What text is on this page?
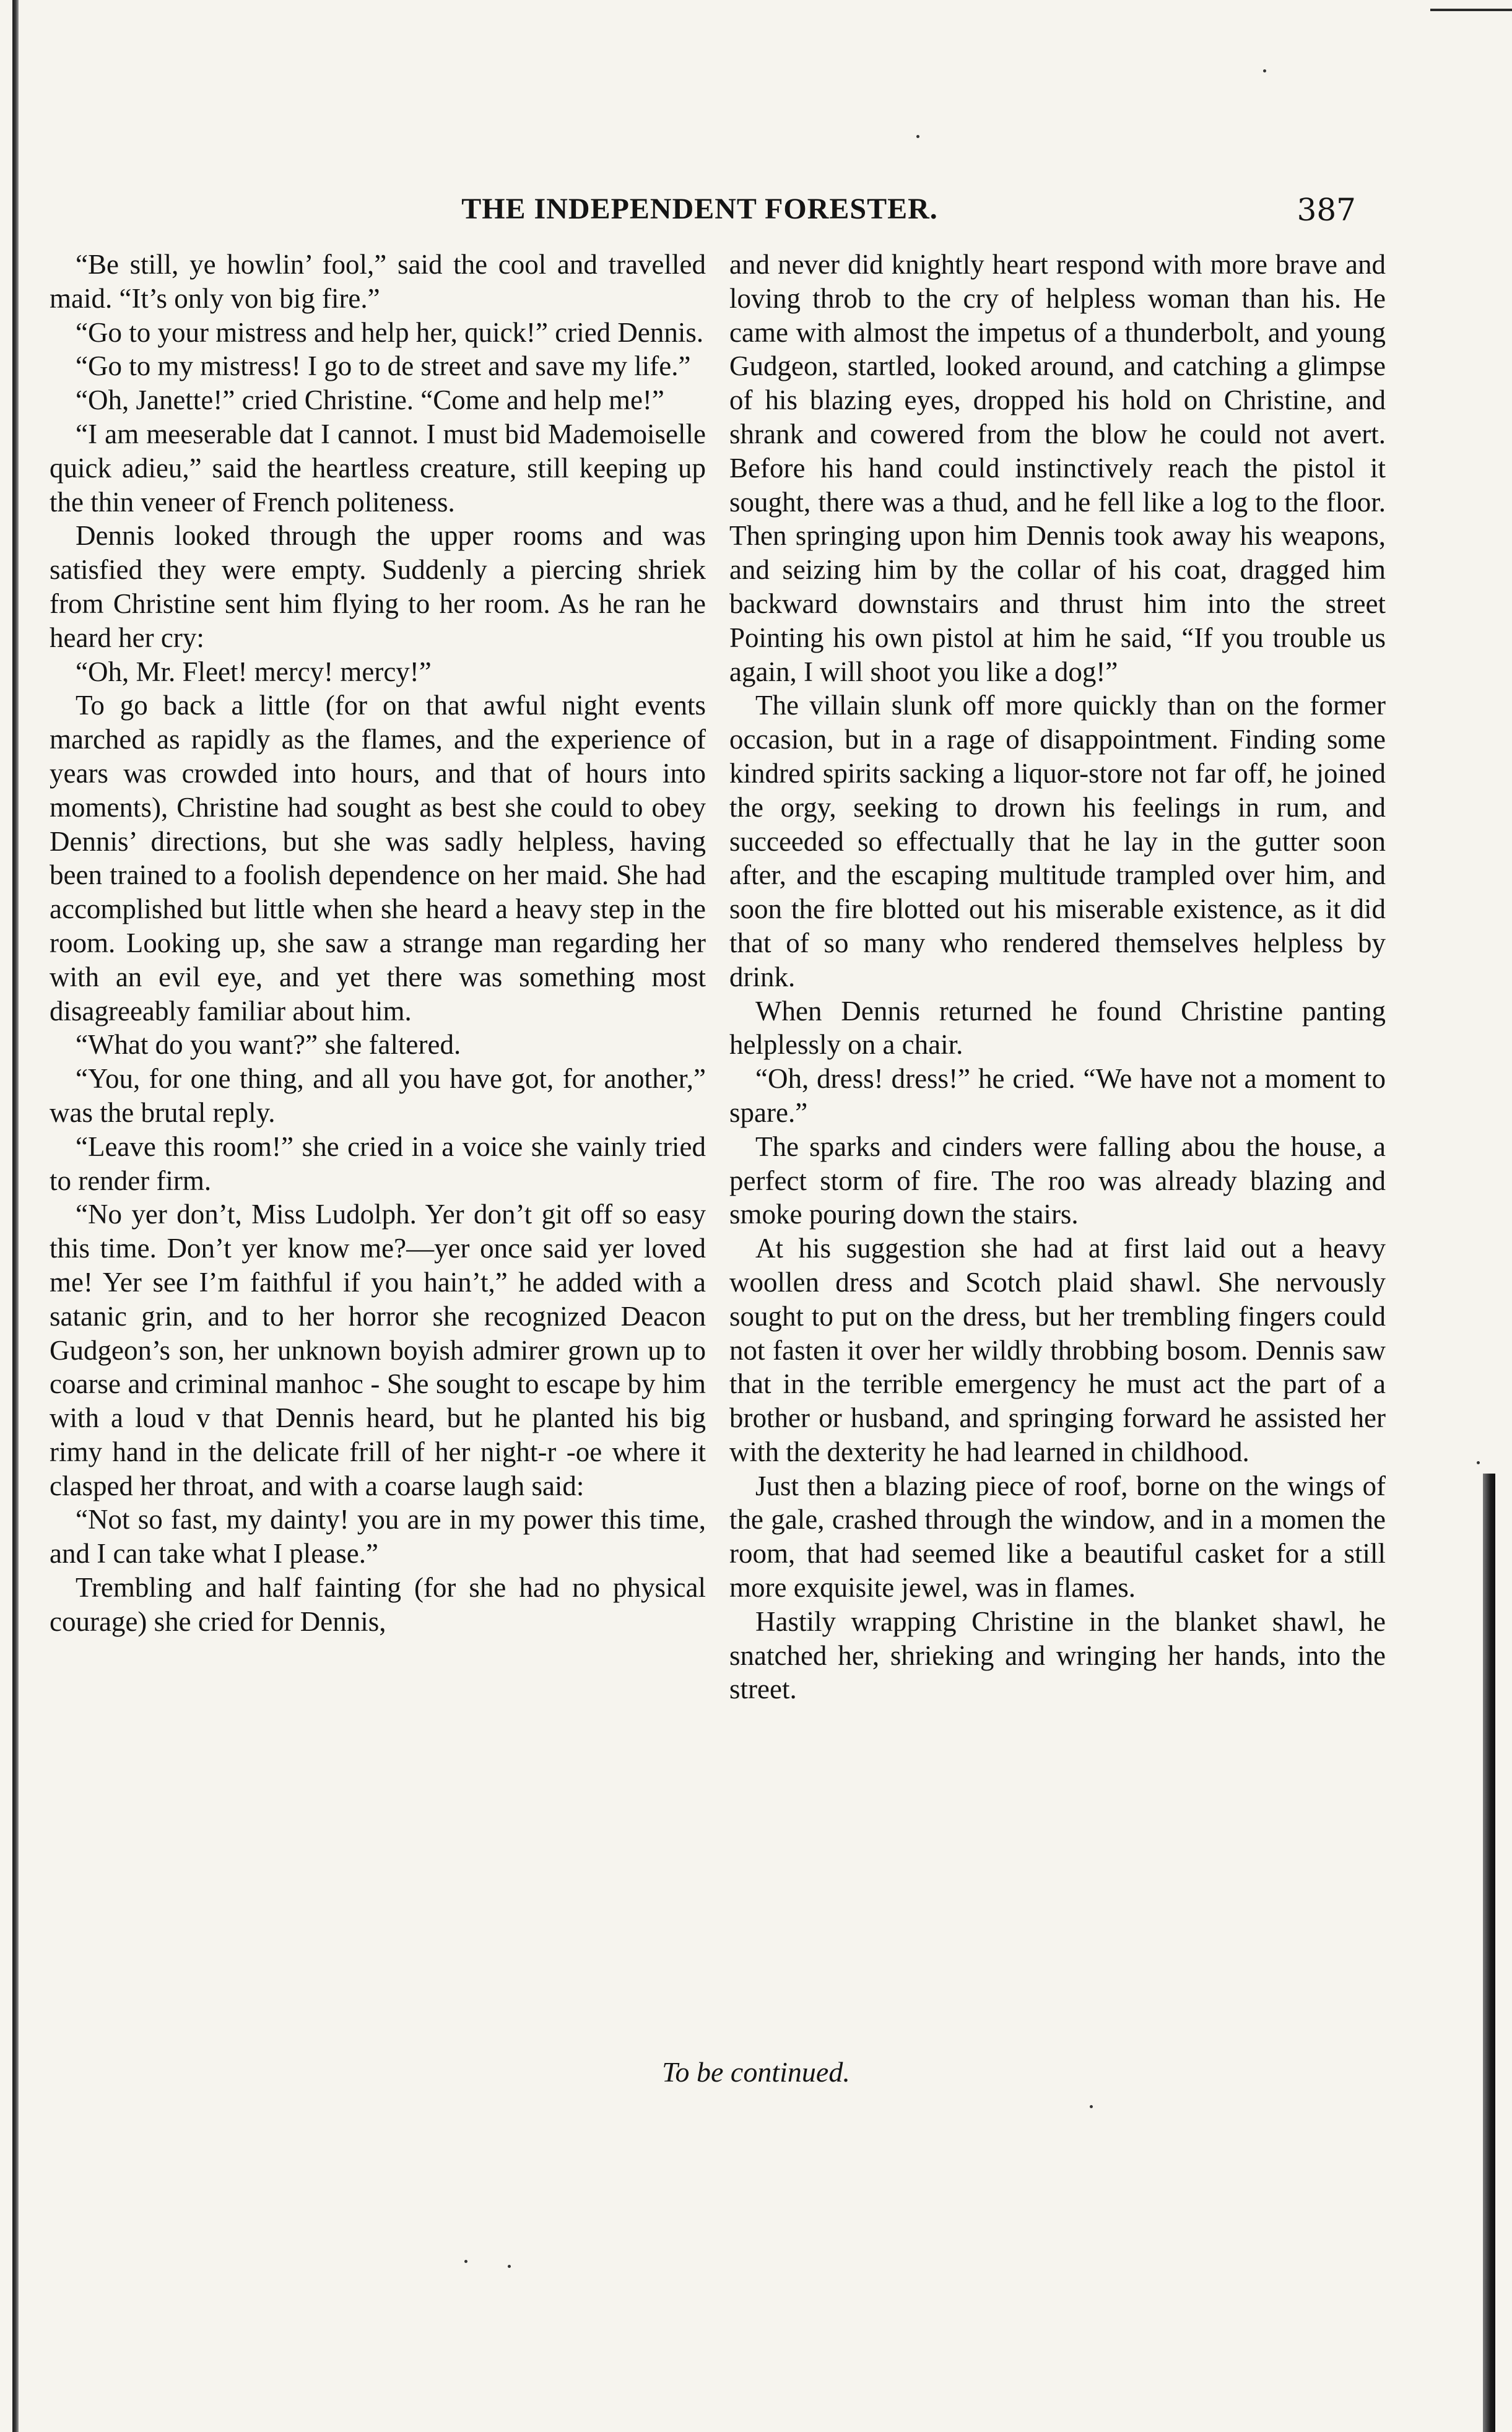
THE INDEPENDENT FORESTER.	387

“Be still, ye howlin’ fool,” said the cool and travelled maid. “It’s only von big fire.”

“Go to your mistress and help her, quick!” cried Dennis.

“Go to my mistress! I go to de street and save my life.”

“Oh, Janette!” cried Christine. “Come and help me!”

“I am meeserable dat I cannot. I must bid Mademoiselle quick adieu,” said the heartless creature, still keeping up the thin veneer of French politeness.

Dennis looked through the upper rooms and was satisfied they were empty. Suddenly a piercing shriek from Christine sent him flying to her room. As he ran he heard her cry:

“Oh, Mr. Fleet! mercy! mercy!”

To go back a little (for on that awful night events marched as rapidly as the flames, and the experience of years was crowded into hours, and that of hours into moments), Christine had sought as best she could to obey Dennis’ directions, but she was sadly helpless, having been trained to a foolish dependence on her maid. She had accomplished but little when she heard a heavy step in the room. Looking up, she saw a strange man regarding her with an evil eye, and yet there was something most disagreeably familiar about him.

“What do you want?” she faltered.

“You, for one thing, and all you have got, for another,” was the brutal reply.

“Leave this room!” she cried in a voice she vainly tried to render firm.

“No yer don’t, Miss Ludolph. Yer don’t git off so easy this time. Don’t yer know me?—yer once said yer loved me! Yer see I’m faithful if you hain’t,” he added with a satanic grin, and to her horror she recognized Deacon Gudgeon’s son, her unknown boyish admirer grown up to coarse and criminal manhoc ‑ She sought to escape by him with a loud v that Dennis heard, but he planted his big rimy hand in the delicate frill of her night-r ‑oe where it clasped her throat, and with a coarse laugh said:

“Not so fast, my dainty! you are in my power this time, and I can take what I please.”

Trembling and half fainting (for she had no physical courage) she cried for Dennis,

and never did knightly heart respond with more brave and loving throb to the cry of helpless woman than his. He came with almost the impetus of a thunderbolt, and young Gudgeon, startled, looked around, and catching a glimpse of his blazing eyes, dropped his hold on Christine, and shrank and cowered from the blow he could not avert. Before his hand could instinctively reach the pistol it sought, there was a thud, and he fell like a log to the floor. Then springing upon him Dennis took away his weapons, and seizing him by the collar of his coat, dragged him backward downstairs and thrust him into the street Pointing his own pistol at him he said, “If you trouble us again, I will shoot you like a dog!”

The villain slunk off more quickly than on the former occasion, but in a rage of disappointment. Finding some kindred spirits sacking a liquor-store not far off, he joined the orgy, seeking to drown his feelings in rum, and succeeded so effectually that he lay in the gutter soon after, and the escaping multitude trampled over him, and soon the fire blotted out his miserable existence, as it did that of so many who rendered themselves helpless by drink.

When Dennis returned he found Christine panting helplessly on a chair.

“Oh, dress! dress!” he cried. “We have not a moment to spare.”

The sparks and cinders were falling abou the house, a perfect storm of fire. The roo was already blazing and smoke pouring down the stairs.

At his suggestion she had at first laid out a heavy woollen dress and Scotch plaid shawl. She nervously sought to put on the dress, but her trembling fingers could not fasten it over her wildly throbbing bosom. Dennis saw that in the terrible emergency he must act the part of a brother or husband, and springing forward he assisted her with the dexterity he had learned in childhood.

Just then a blazing piece of roof, borne on the wings of the gale, crashed through the window, and in a momen the room, that had seemed like a beautiful casket for a still more exquisite jewel, was in flames.

Hastily wrapping Christine in the blanket shawl, he snatched her, shrieking and wringing her hands, into the street.

To be continued.
